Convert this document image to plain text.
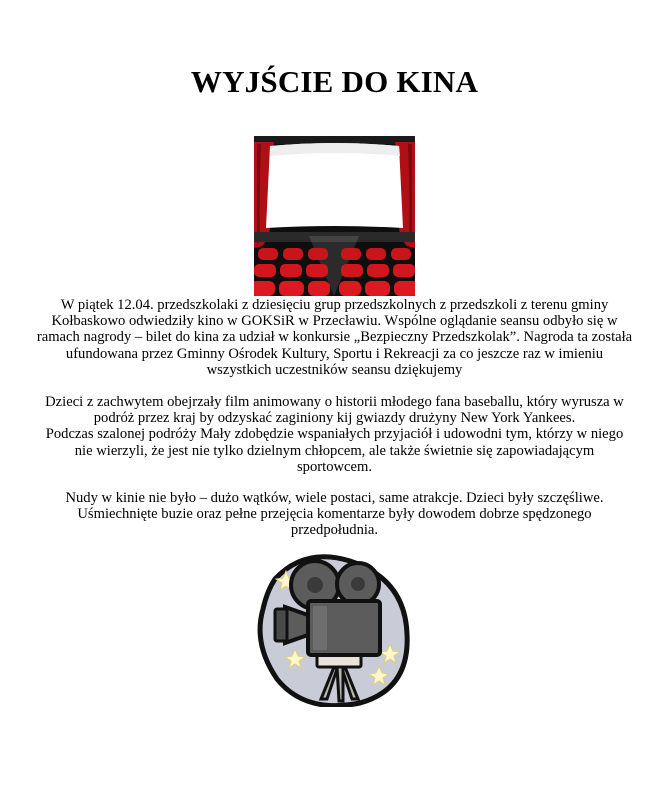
WYJŚCIE DO KINA

W piątek 12.04. przedszkolaki z dziesięciu grup przedszkolnych z przedszkoli z terenu gminy Kołbaskowo odwiedziły kino w GOKSiR w Przecławiu. Wspólne oglądanie seansu odbyło się w ramach nagrody – bilet do kina za udział w konkursie „Bezpieczny Przedszkolak”. Nagroda ta została ufundowana przez Gminny Ośrodek Kultury, Sportu i Rekreacji za co jeszcze raz w imieniu wszystkich uczestników seansu dziękujemy

Dzieci z zachwytem obejrzały film animowany o historii młodego fana baseballu, który wyrusza w podróż przez kraj by odzyskać zaginiony kij gwiazdy drużyny New York Yankees.
Podczas szalonej podróży Mały zdobędzie wspaniałych przyjaciół i udowodni tym, którzy w niego nie wierzyli, że jest nie tylko dzielnym chłopcem, ale także świetnie się zapowiadającym sportowcem.

Nudy w kinie nie było – dużo wątków, wiele postaci, same atrakcje. Dzieci były szczęśliwe. Uśmiechnięte buzie oraz pełne przejęcia komentarze były dowodem dobrze spędzonego przedpołudnia.
